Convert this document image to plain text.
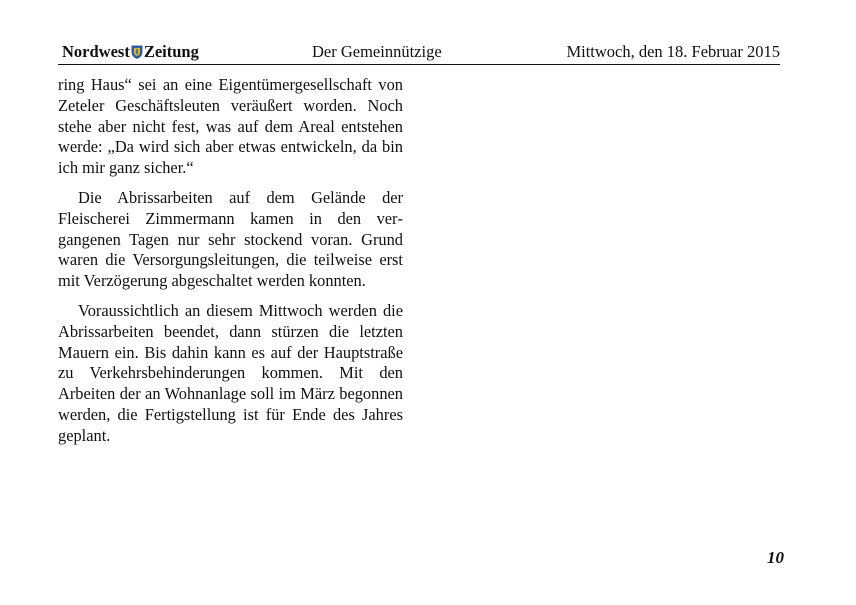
Nordwest Zeitung	Der Gemeinnützige	Mittwoch, den 18. Februar 2015

ring Haus“ sei an eine Eigentümergesellschaft von Zeteler Geschäftsleuten veräußert worden. Noch stehe aber nicht fest, was auf dem Areal entstehen werde: „Da wird sich aber etwas entwickeln, da bin ich mir ganz sicher.“

Die Abrissarbeiten auf dem Gelände der Fleischerei Zimmermann kamen in den vergangenen Tagen nur sehr stockend voran. Grund waren die Versorgungsleitungen, die teilweise erst mit Verzögerung abgeschaltet werden konnten.

Voraussichtlich an diesem Mittwoch werden die Abrissarbeiten beendet, dann stürzen die letzten Mauern ein. Bis dahin kann es auf der Hauptstraße zu Verkehrsbehinderungen kommen. Mit den Arbeiten der an Wohnanlage soll im März begonnen werden, die Fertigstellung ist für Ende des Jahres geplant.

10
